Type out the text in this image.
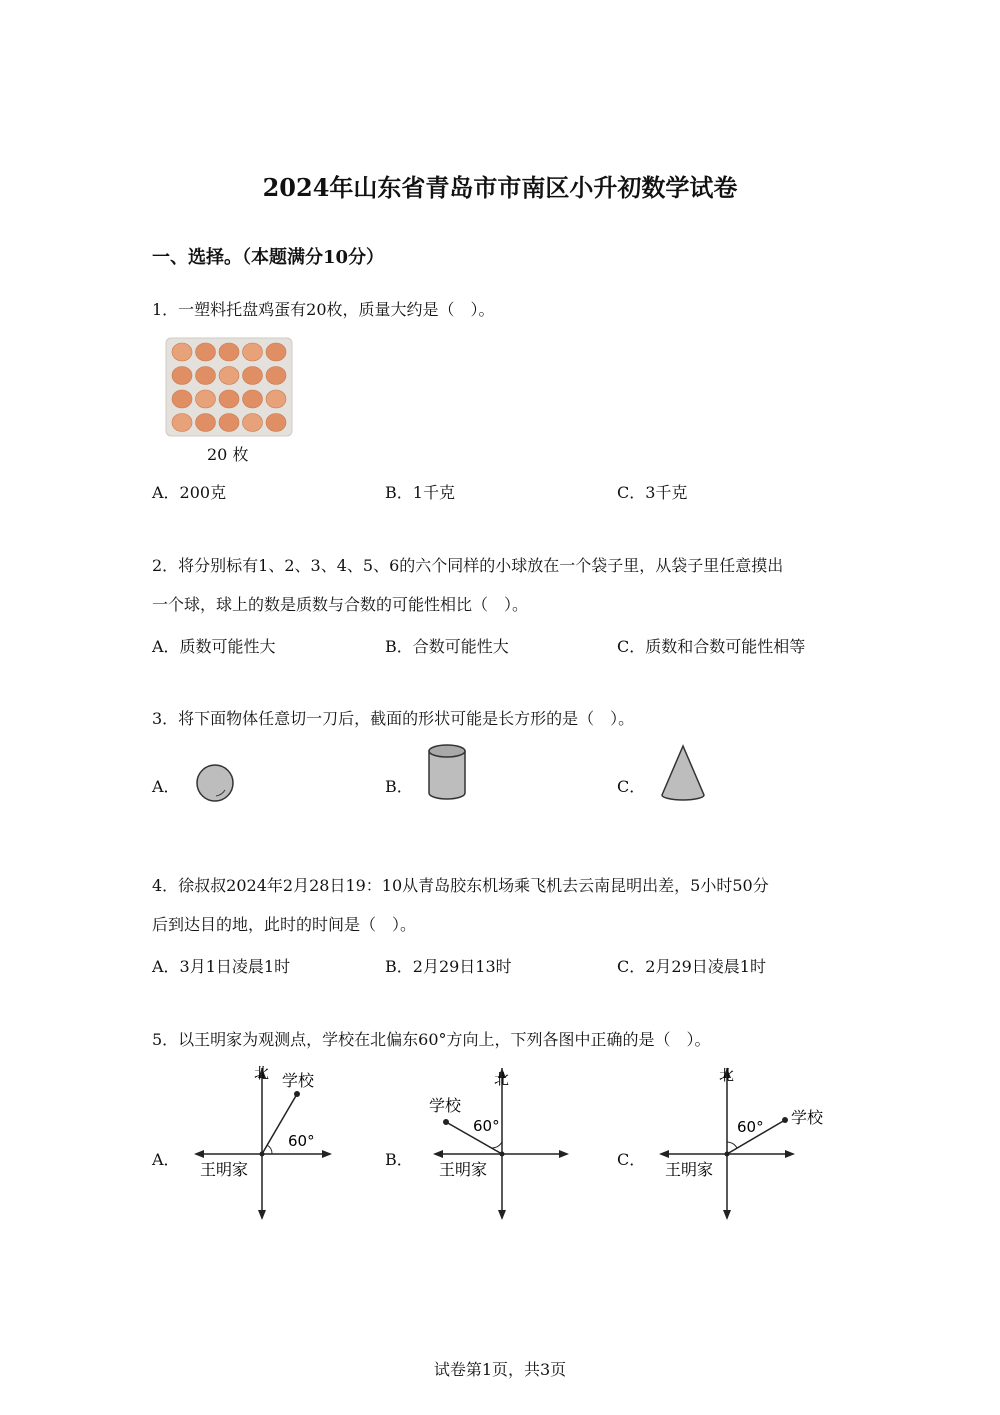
2024年山东省青岛市市南区小升初数学试卷
一、选择。（本题满分10分）
1．一塑料托盘鸡蛋有20枚，质量大约是（　）。
20 枚
A．200克	B．1千克	C．3千克
2．将分别标有1、2、3、4、5、6的六个同样的小球放在一个袋子里，从袋子里任意摸出
一个球，球上的数是质数与合数的可能性相比（　）。
A．质数可能性大	B．合数可能性大	C．质数和合数可能性相等
3．将下面物体任意切一刀后，截面的形状可能是长方形的是（　）。
A．	B．	C．
4．徐叔叔2024年2月28日19：10从青岛胶东机场乘飞机去云南昆明出差，5小时50分
后到达目的地，此时的时间是（　）。
A．3月1日凌晨1时	B．2月29日13时	C．2月29日凌晨1时
5．以王明家为观测点，学校在北偏东60°方向上，下列各图中正确的是（　）。
A．	B．	C．
北 学校
60°
王明家
北
学校
60°
王明家
北
学校
60°
王明家
试卷第1页，共3页
